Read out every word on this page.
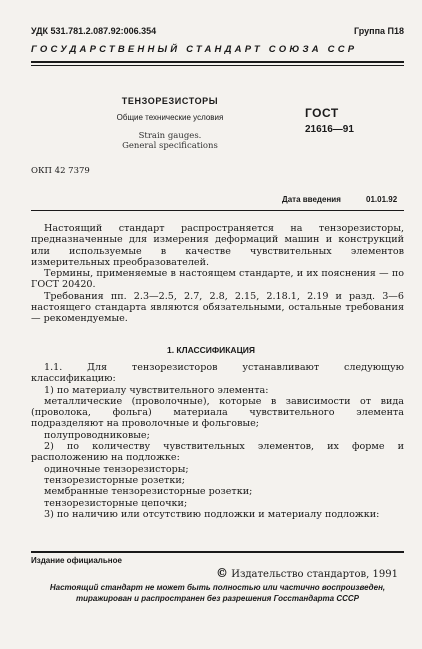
УДК 531.781.2.087.92:006.354	Группа П18
ГОСУДАРСТВЕННЫЙ СТАНДАРТ СОЮЗА ССР
ТЕНЗОРЕЗИСТОРЫ
Общие технические условия
Strain gauges.
General specifications
ГОСТ
21616—91
ОКП 42 7379
Дата введения	01.01.92

Настоящий стандарт распространяется на тензорезисторы, предназначенные для измерения деформаций машин и конструкций или используемые в качестве чувствительных элементов измерительных преобразователей.

Термины, применяемые в настоящем стандарте, и их пояснения — по ГОСТ 20420.

Требования пп. 2.3—2.5, 2.7, 2.8, 2.15, 2.18.1, 2.19 и разд. 3—6 настоящего стандарта являются обязательными, остальные требования — рекомендуемые.

1. КЛАССИФИКАЦИЯ

1.1. Для тензорезисторов устанавливают следующую классификацию:

1) по материалу чувствительного элемента:

металлические (проволочные), которые в зависимости от вида (проволока, фольга) материала чувствительного элемента подразделяют на проволочные и фольговые;

полупроводниковые;

2) по количеству чувствительных элементов, их форме и расположению на подложке:

одиночные тензорезисторы;

тензорезисторные розетки;

мембранные тензорезисторные розетки;

тензорезисторные цепочки;

3) по наличию или отсутствию подложки и материалу подложки:

Издание официальное
© Издательство стандартов, 1991
Настоящий стандарт не может быть полностью или частично воспроизведен,
тиражирован и распространен без разрешения Госстандарта СССР
